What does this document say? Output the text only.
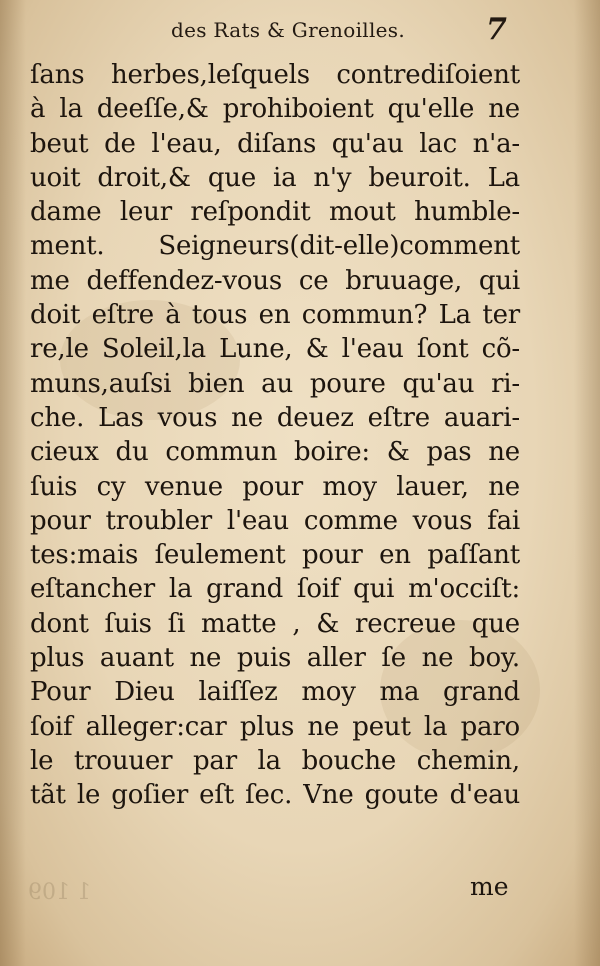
des Rats & Grenoilles.	7
ſans herbes,leſquels contrediſoient
à la deeſſe,& prohiboient qu'elle ne
beut de l'eau, diſans qu'au lac n'a-
uoit droit,& que ia n'y beuroit. La
dame leur reſpondit mout humble-
ment. Seigneurs(dit-elle)comment
me deffendez-vous ce bruuage, qui
doit eſtre à tous en commun? La ter
re,le Soleil,la Lune, & l'eau ſont cõ-
muns,auſsi bien au poure qu'au ri-
che. Las vous ne deuez eſtre auari-
cieux du commun boire: & pas ne
ſuis cy venue pour moy lauer, ne
pour troubler l'eau comme vous fai
tes:mais ſeulement pour en paſſant
eſtancher la grand ſoif qui m'occiſt:
dont ſuis ſi matte , & recreue que
plus auant ne puis aller ſe ne boy.
Pour Dieu laiſſez moy ma grand
ſoif alleger:car plus ne peut la paro
le trouuer par la bouche chemin,
tãt le goſier eſt ſec. Vne goute d'eau
1 109	me
